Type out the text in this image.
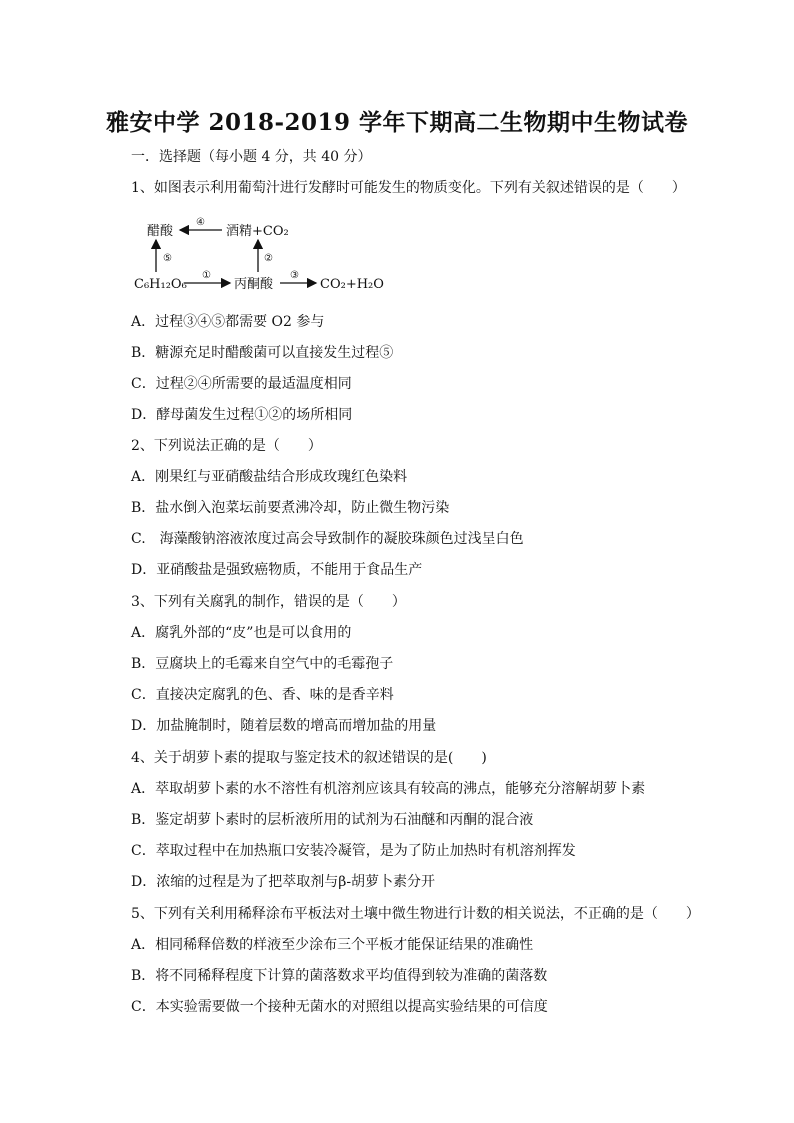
雅安中学 2018-2019 学年下期高二生物期中生物试卷
一．选择题（每小题 4 分，共 40 分）
1、如图表示利用葡萄汁进行发酵时可能发生的物质变化。下列有关叙述错误的是（　　）
醋酸	酒精+CO₂
C₆H₁₂O₆	丙酮酸	CO₂+H₂O
④
⑤
①
②
③
A．过程③④⑤都需要 O2 参与
B．糖源充足时醋酸菌可以直接发生过程⑤
C．过程②④所需要的最适温度相同
D．酵母菌发生过程①②的场所相同
2、下列说法正确的是（　　）
A．刚果红与亚硝酸盐结合形成玫瑰红色染料
B．盐水倒入泡菜坛前要煮沸冷却，防止微生物污染
C.　海藻酸钠溶液浓度过高会导致制作的凝胶珠颜色过浅呈白色
D．亚硝酸盐是强致癌物质，不能用于食品生产
3、下列有关腐乳的制作，错误的是（　　）
A．腐乳外部的“皮”也是可以食用的
B．豆腐块上的毛霉来自空气中的毛霉孢子
C．直接决定腐乳的色、香、味的是香辛料
D．加盐腌制时，随着层数的增高而增加盐的用量
4、关于胡萝卜素的提取与鉴定技术的叙述错误的是(　　)
A．萃取胡萝卜素的水不溶性有机溶剂应该具有较高的沸点，能够充分溶解胡萝卜素
B．鉴定胡萝卜素时的层析液所用的试剂为石油醚和丙酮的混合液
C．萃取过程中在加热瓶口安装冷凝管，是为了防止加热时有机溶剂挥发
D．浓缩的过程是为了把萃取剂与β-胡萝卜素分开
5、下列有关利用稀释涂布平板法对土壤中微生物进行计数的相关说法，不正确的是（　　）
A．相同稀释倍数的样液至少涂布三个平板才能保证结果的准确性
B．将不同稀释程度下计算的菌落数求平均值得到较为准确的菌落数
C．本实验需要做一个接种无菌水的对照组以提高实验结果的可信度
